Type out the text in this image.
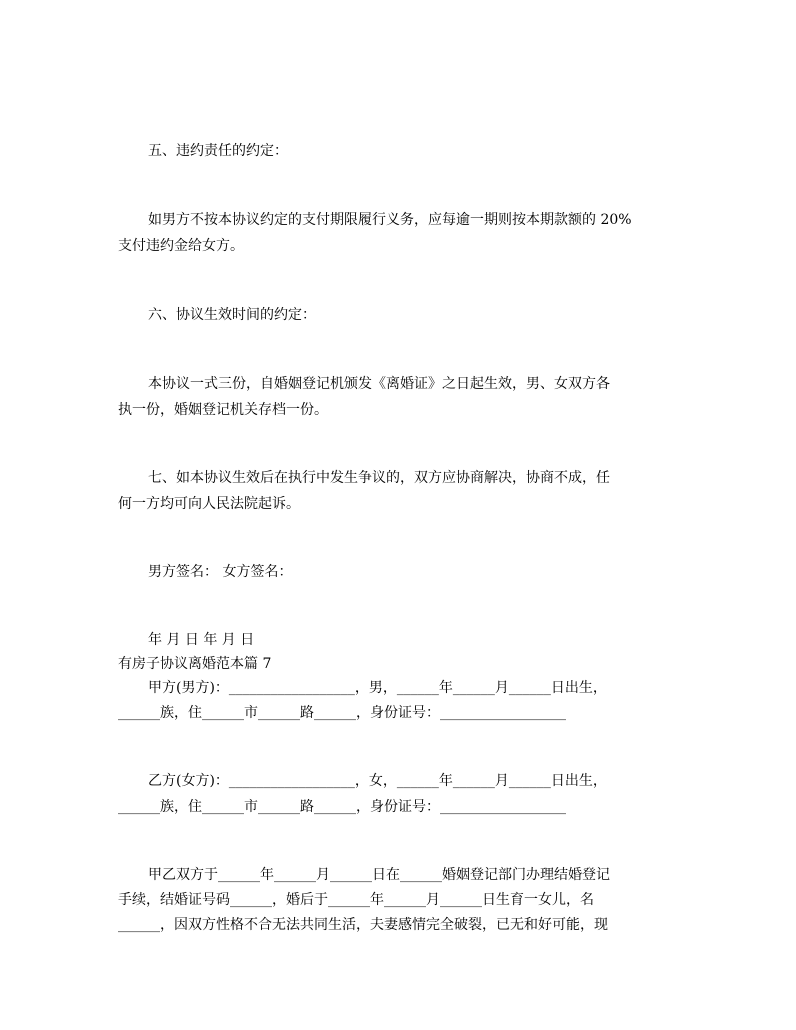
五、违约责任的约定：
如男方不按本协议约定的支付期限履行义务，应每逾一期则按本期款额的 20%
支付违约金给女方。
六、协议生效时间的约定：
本协议一式三份，自婚姻登记机颁发《离婚证》之日起生效，男、女双方各
执一份，婚姻登记机关存档一份。
七、如本协议生效后在执行中发生争议的，双方应协商解决，协商不成，任
何一方均可向人民法院起诉。
男方签名： 女方签名：
年 月 日 年 月 日
有房子协议离婚范本篇 7
甲方(男方)：__________________，男，______年______月______日出生，
______族，住______市______路______，身份证号：__________________
乙方(女方)：__________________，女，______年______月______日出生，
______族，住______市______路______，身份证号：__________________
甲乙双方于______年______月______日在______婚姻登记部门办理结婚登记
手续，结婚证号码______，婚后于______年______月______日生育一女儿，名
______，因双方性格不合无法共同生活，夫妻感情完全破裂，已无和好可能，现
